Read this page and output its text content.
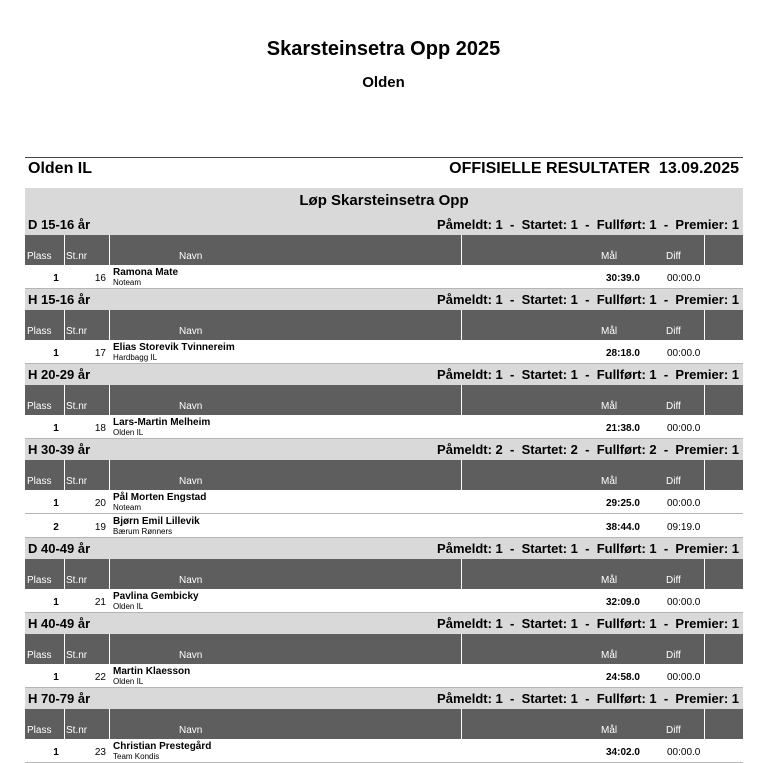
Skarsteinsetra Opp 2025
Olden
Olden IL	OFFISIELLE RESULTATER  13.09.2025
Løp Skarsteinsetra Opp
D 15-16 år	Påmeldt: 1  -  Startet: 1  -  Fullført: 1  -  Premier: 1
Plass St.nr	Navn	Mål	Diff
1	16
Ramona Mate
Noteam	30:39.0	00:00.0
H 15-16 år	Påmeldt: 1  -  Startet: 1  -  Fullført: 1  -  Premier: 1
Plass St.nr	Navn	Mål	Diff
1	17
Elias Storevik Tvinnereim
Hardbagg IL	28:18.0	00:00.0
H 20-29 år	Påmeldt: 1  -  Startet: 1  -  Fullført: 1  -  Premier: 1
Plass St.nr	Navn	Mål	Diff
1	18
Lars-Martin Melheim
Olden IL	21:38.0	00:00.0
H 30-39 år	Påmeldt: 2  -  Startet: 2  -  Fullført: 2  -  Premier: 1
Plass St.nr	Navn	Mål	Diff
1	20
Pål Morten Engstad
Noteam	29:25.0	00:00.0
2	19
Bjørn Emil Lillevik
Bærum Rønners	38:44.0	09:19.0
D 40-49 år	Påmeldt: 1  -  Startet: 1  -  Fullført: 1  -  Premier: 1
Plass St.nr	Navn	Mål	Diff
1	21
Pavlina Gembicky
Olden IL	32:09.0	00:00.0
H 40-49 år	Påmeldt: 1  -  Startet: 1  -  Fullført: 1  -  Premier: 1
Plass St.nr	Navn	Mål	Diff
1	22
Martin Klaesson
Olden IL	24:58.0	00:00.0
H 70-79 år	Påmeldt: 1  -  Startet: 1  -  Fullført: 1  -  Premier: 1
Plass St.nr	Navn	Mål	Diff
1	23
Christian Prestegård
Team Kondis	34:02.0	00:00.0
